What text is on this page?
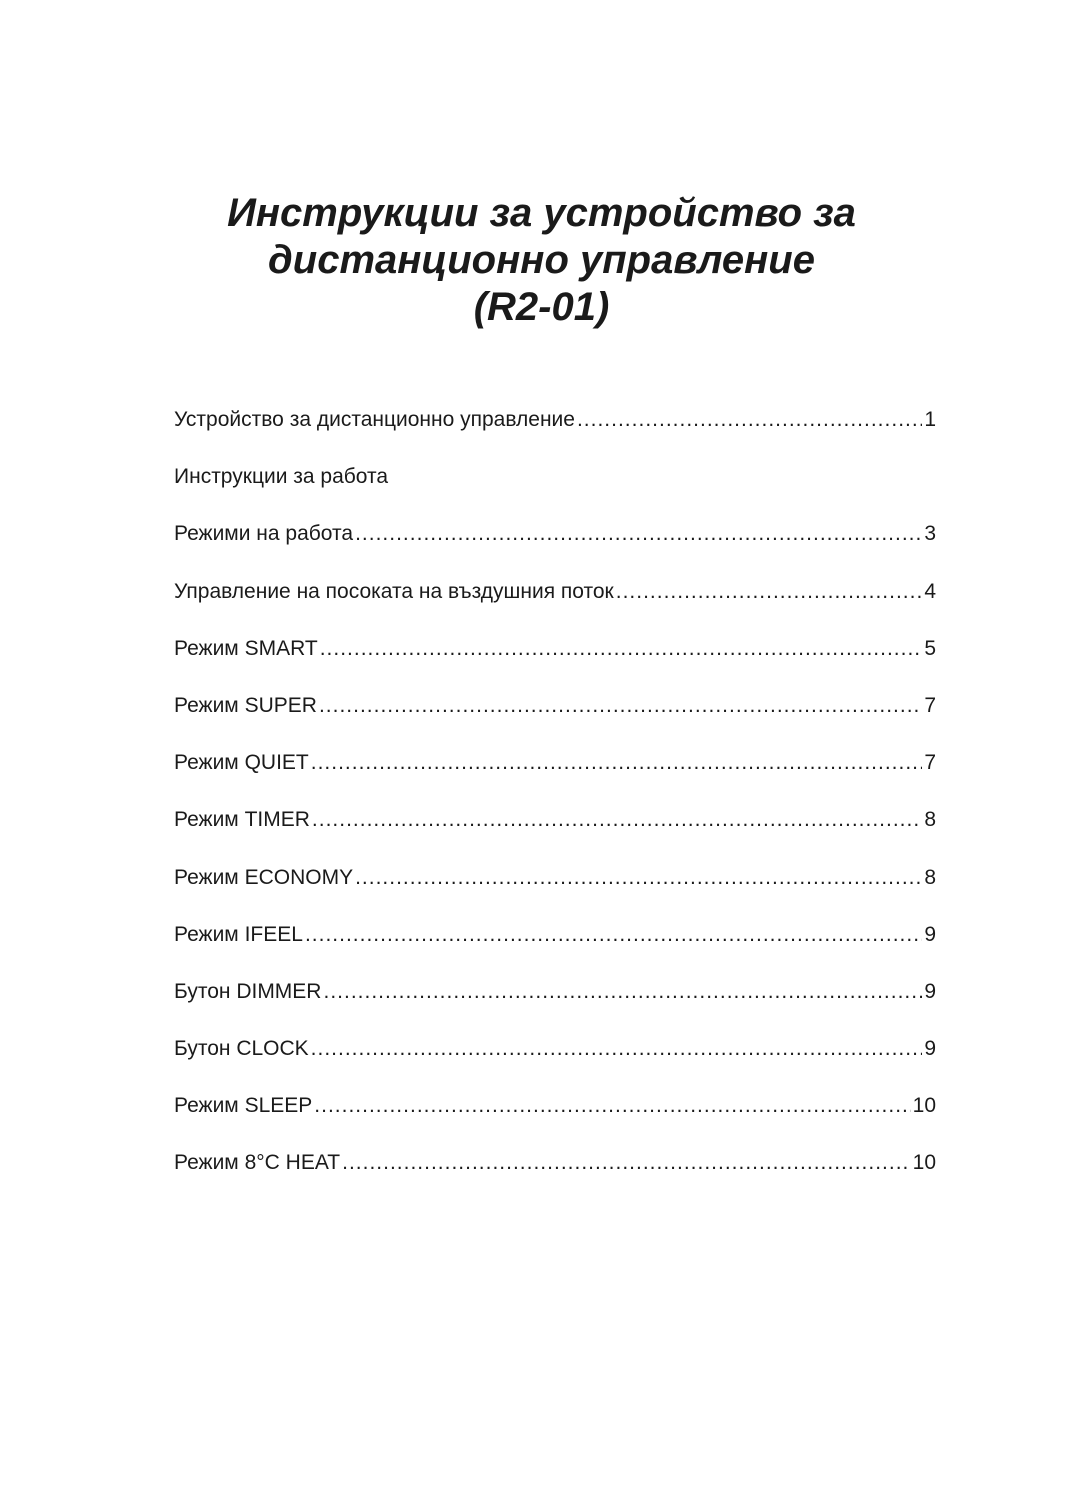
Инструкции за устройство за
дистанционно управление
(R2-01)
Устройство за дистанционно управление .....	1
Инструкции за работа
Режими на работа .....	3
Управление на посоката на въздушния поток .....	4
Режим SMART .....	5
Режим SUPER .....	7
Режим QUIET .....	7
Режим TIMER .....	8
Режим ECONOMY .....	8
Режим IFEEL .....	9
Бутон DIMMER .....	9
Бутон CLOCK .....	9
Режим SLEEP .....	10
Режим 8°C HEAT .....	10
